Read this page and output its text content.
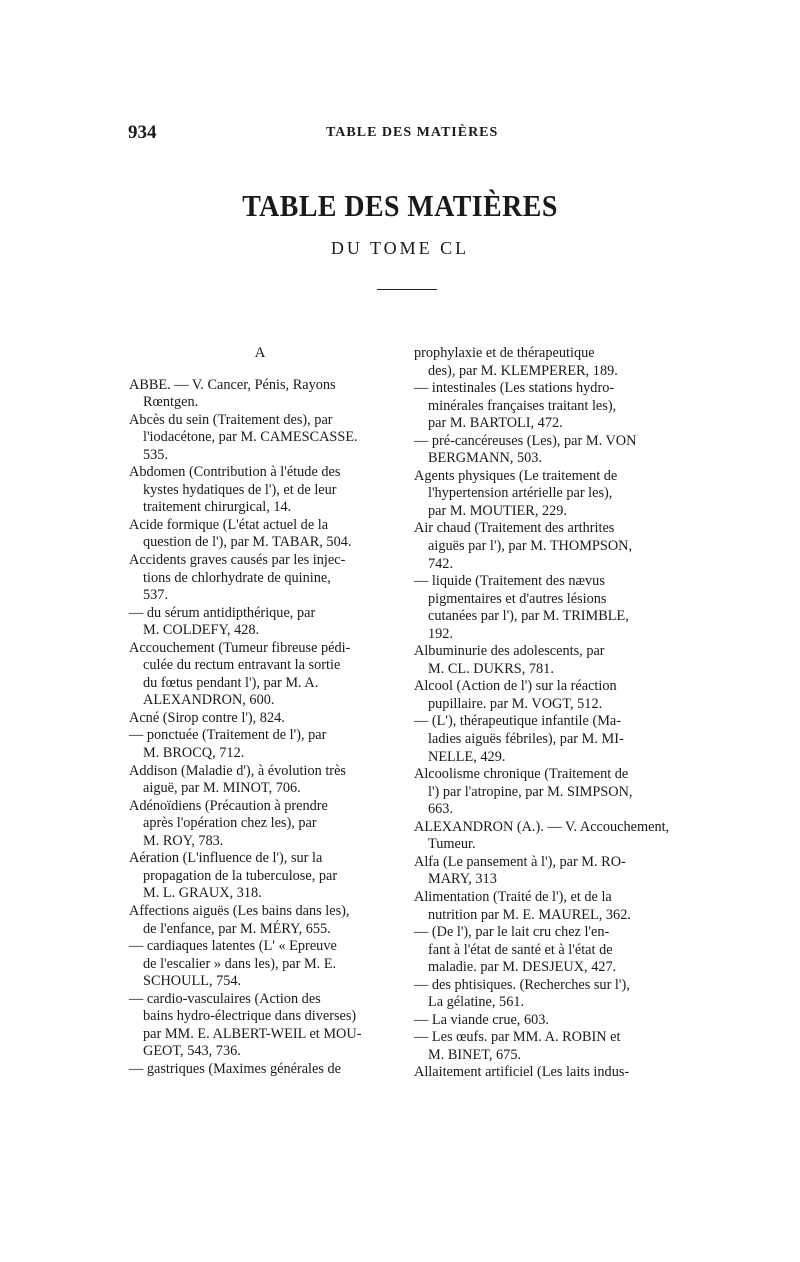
934	TABLE DES MATIÈRES
TABLE DES MATIÈRES
DU TOME CL
A
ABBE. — V. Cancer, Pénis, Rayons
Rœntgen.
Abcès du sein (Traitement des), par
l'iodacétone, par M. CAMESCASSE.
535.
Abdomen (Contribution à l'étude des
kystes hydatiques de l'), et de leur
traitement chirurgical, 14.
Acide formique (L'état actuel de la
question de l'), par M. TABAR, 504.
Accidents graves causés par les injec-
tions de chlorhydrate de quinine,
537.
— du sérum antidipthérique, par
M. COLDEFY, 428.
Accouchement (Tumeur fibreuse pédi-
culée du rectum entravant la sortie
du fœtus pendant l'), par M. A.
ALEXANDRON, 600.
Acné (Sirop contre l'), 824.
— ponctuée (Traitement de l'), par
M. BROCQ, 712.
Addison (Maladie d'), à évolution très
aiguë, par M. MINOT, 706.
Adénoïdiens (Précaution à prendre
après l'opération chez les), par
M. ROY, 783.
Aération (L'influence de l'), sur la
propagation de la tuberculose, par
M. L. GRAUX, 318.
Affections aiguës (Les bains dans les),
de l'enfance, par M. MÉRY, 655.
— cardiaques latentes (L' « Epreuve
de l'escalier » dans les), par M. E.
SCHOULL, 754.
— cardio-vasculaires (Action des
bains hydro-électrique dans diverses)
par MM. E. ALBERT-WEIL et MOU-
GEOT, 543, 736.
— gastriques (Maximes générales de
prophylaxie et de thérapeutique
des), par M. KLEMPERER, 189.
— intestinales (Les stations hydro-
minérales françaises traitant les),
par M. BARTOLI, 472.
— pré-cancéreuses (Les), par M. VON
BERGMANN, 503.
Agents physiques (Le traitement de
l'hypertension artérielle par les),
par M. MOUTIER, 229.
Air chaud (Traitement des arthrites
aiguës par l'), par M. THOMPSON,
742.
— liquide (Traitement des nævus
pigmentaires et d'autres lésions
cutanées par l'), par M. TRIMBLE,
192.
Albuminurie des adolescents, par
M. CL. DUKRS, 781.
Alcool (Action de l') sur la réaction
pupillaire. par M. VOGT, 512.
— (L'), thérapeutique infantile (Ma-
ladies aiguës fébriles), par M. MI-
NELLE, 429.
Alcoolisme chronique (Traitement de
l') par l'atropine, par M. SIMPSON,
663.
ALEXANDRON (A.). — V. Accouchement,
Tumeur.
Alfa (Le pansement à l'), par M. RO-
MARY, 313
Alimentation (Traité de l'), et de la
nutrition par M. E. MAUREL, 362.
— (De l'), par le lait cru chez l'en-
fant à l'état de santé et à l'état de
maladie. par M. DESJEUX, 427.
— des phtisiques. (Recherches sur l'),
La gélatine, 561.
— La viande crue, 603.
— Les œufs. par MM. A. ROBIN et
M. BINET, 675.
Allaitement artificiel (Les laits indus-
